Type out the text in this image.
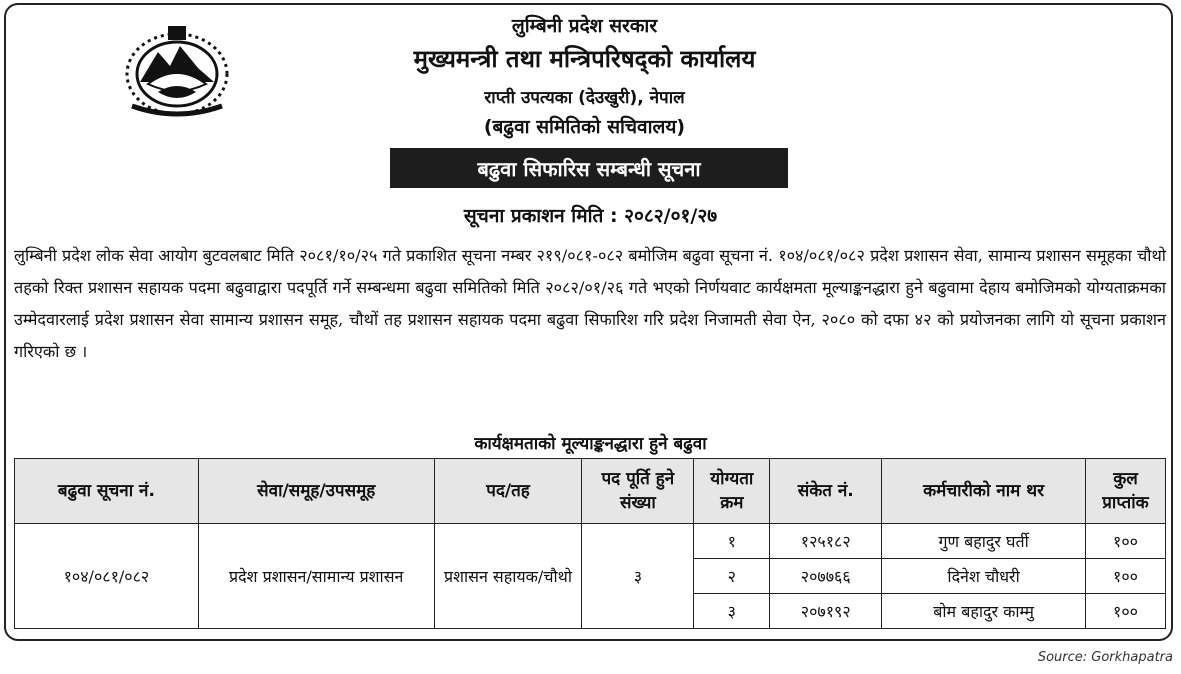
लुम्बिनी प्रदेश सरकार
मुख्यमन्त्री तथा मन्त्रिपरिषद्को कार्यालय
राप्ती उपत्यका (देउखुरी), नेपाल
(बढुवा समितिको सचिवालय)
बढुवा सिफारिस सम्बन्धी सूचना
सूचना प्रकाशन मिति : २०८२/०१/२७
लुम्बिनी प्रदेश लोक सेवा आयोग बुटवलबाट मिति २०८१/१०/२५ गते प्रकाशित सूचना नम्बर २१९/०८१-०८२ बमोजिम बढुवा सूचना नं. १०४/०८१/०८२ प्रदेश प्रशासन सेवा, सामान्य प्रशासन समूहका चौथो तहको रिक्त प्रशासन सहायक पदमा बढुवाद्वारा पदपूर्ति गर्ने सम्बन्धमा बढुवा समितिको मिति २०८२/०१/२६ गते भएको निर्णयवाट कार्यक्षमता मूल्याङ्कनद्धारा हुने बढुवामा देहाय बमोजिमको योग्यताक्रमका उम्मेदवारलाई प्रदेश प्रशासन सेवा सामान्य प्रशासन समूह, चौथों तह प्रशासन सहायक पदमा बढुवा सिफारिश गरि प्रदेश निजामती सेवा ऐन, २०८० को दफा ४२ को प्रयोजनका लागि यो सूचना प्रकाशन गरिएको छ ।
कार्यक्षमताको मूल्याङ्कनद्धारा हुने बढुवा
बढुवा सूचना नं.	सेवा/समूह/उपसमूह	पद/तह	पद पूर्ति हुने संख्या	योग्यता क्रम	संकेत नं.	कर्मचारीको नाम थर	कुल प्राप्तांक
१०४/०८१/०८२	प्रदेश प्रशासन/सामान्य प्रशासन	प्रशासन सहायक/चौथो	३	१	१२५१८२	गुण बहादुर घर्ती	१००
				२	२०७७६६	दिनेश चौधरी	१००
				३	२०७१९२	बोम बहादुर काम्मु	१००
Source: Gorkhapatra
